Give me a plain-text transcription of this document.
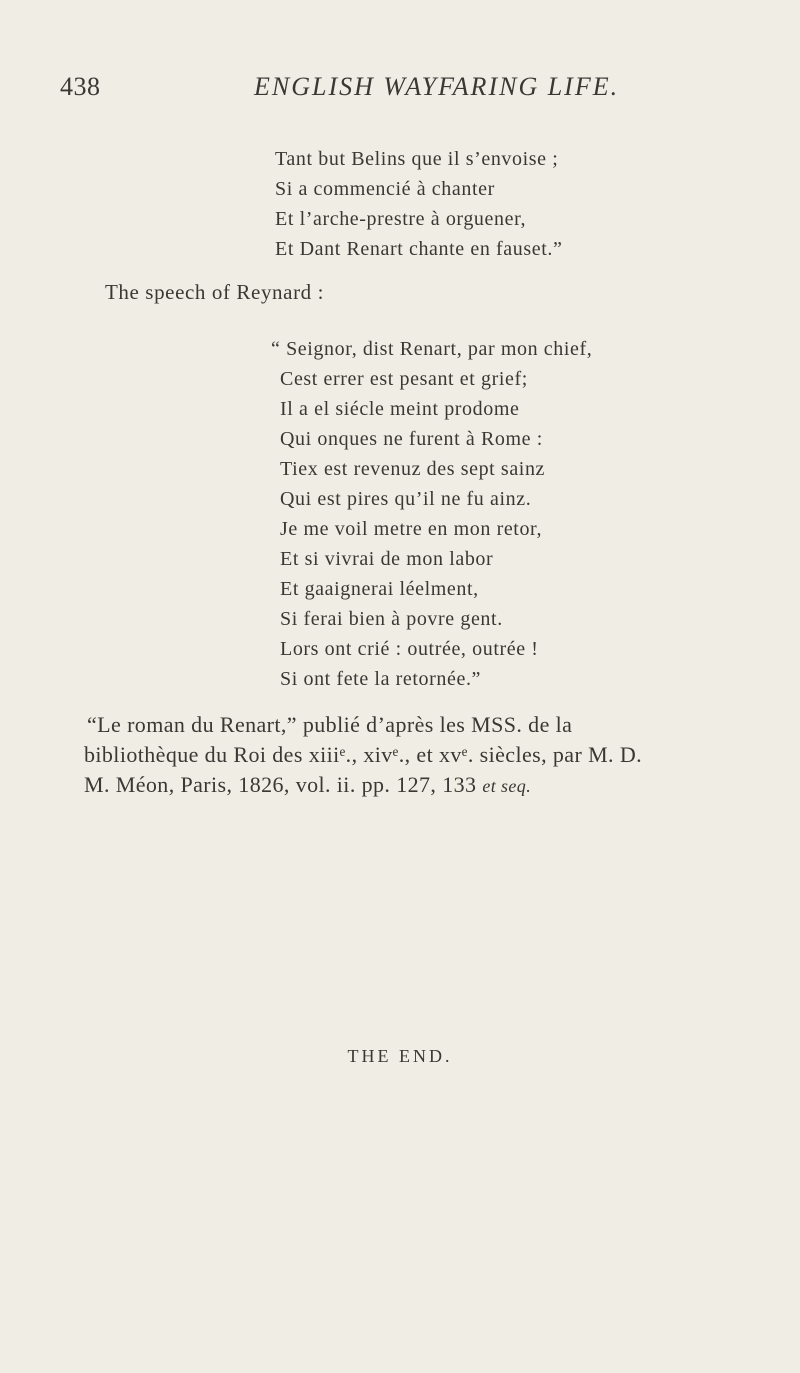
438	ENGLISH WAYFARING LIFE.
Tant but Belins que il s’envoise ;
Si a commencié à chanter
Et l’arche-prestre à orguener,
Et Dant Renart chante en fauset.”
The speech of Reynard :
“ Seignor, dist Renart, par mon chief,
Cest errer est pesant et grief;
Il a el siécle meint prodome
Qui onques ne furent à Rome :
Tiex est revenuz des sept sainz
Qui est pires qu’il ne fu ainz.
Je me voil metre en mon retor,
Et si vivrai de mon labor
Et gaaignerai léelment,
Si ferai bien à povre gent.
Lors ont crié : outrée, outrée !
Si ont fete la retornée.”
“Le roman du Renart,” publié d’après les MSS. de la
bibliothèque du Roi des xiiiᵉ., xivᵉ., et xvᵉ. siècles, par M. D.
M. Méon, Paris, 1826, vol. ii. pp. 127, 133 et seq.
THE END.
